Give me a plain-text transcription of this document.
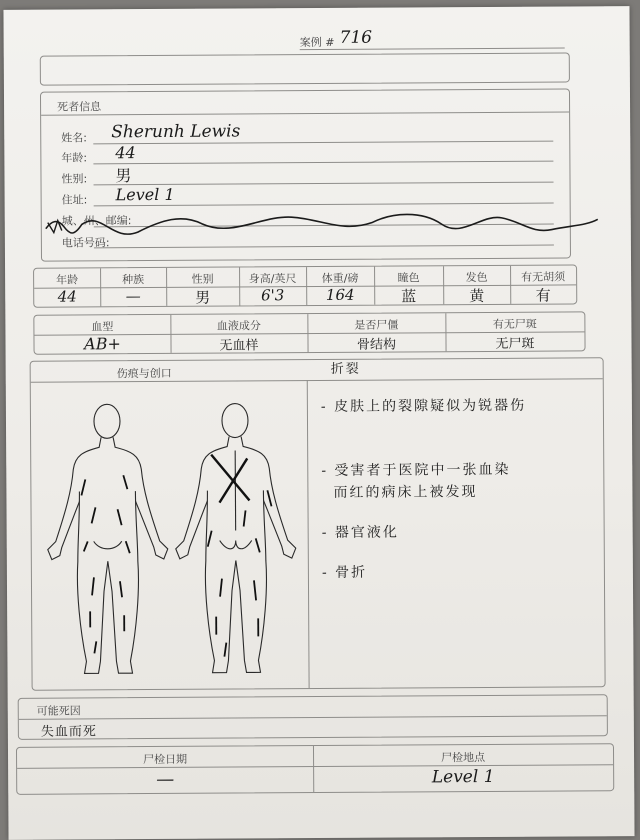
案例 # 716
死者信息
姓名: Sherunh Lewis
年龄: 44
性别: 男
住址: Level 1
城、州、邮编:
电话号码:
年龄	种族	性别	身高/英尺	体重/磅	瞳色	发色	有无胡须
44	—	男	6'3	164	蓝	黄	有
血型	血液成分	是否尸僵	有无尸斑
AB+	无血样	骨结构	无尸斑
伤痕与创口	折裂
- 皮肤上的裂隙疑似为锐器伤
- 受害者于医院中一张血染
而红的病床上被发现
- 器官液化
- 骨折
可能死因
失血而死
尸检日期	尸检地点
—	Level 1
